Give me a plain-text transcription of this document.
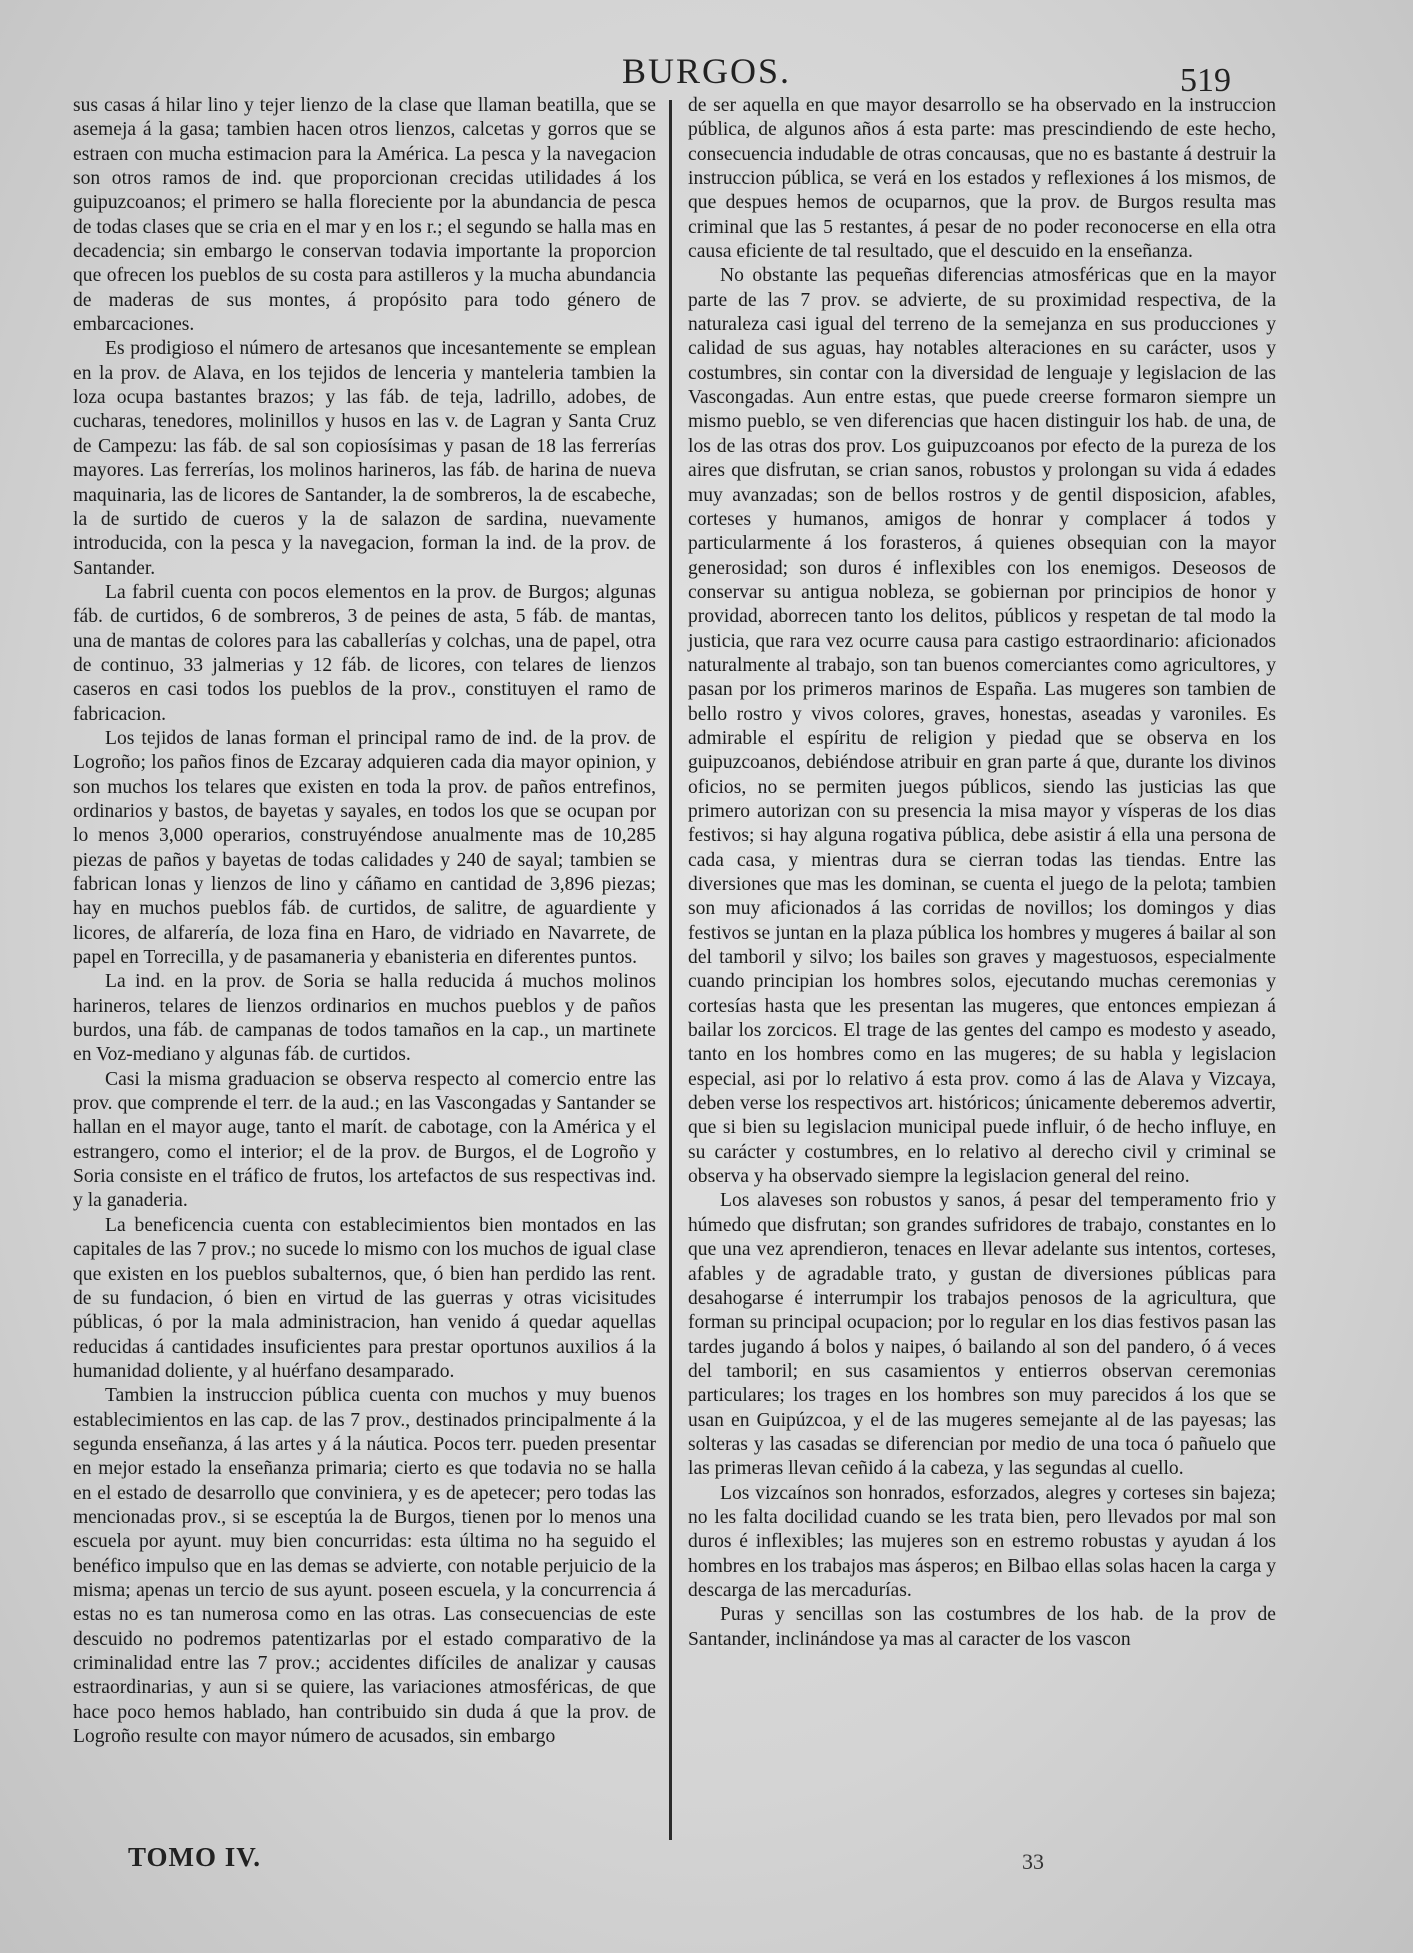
BURGOS.	519

sus casas á hilar lino y tejer lienzo de la clase que llaman beatilla, que se asemeja á la gasa; tambien hacen otros lienzos, calcetas y gorros que se estraen con mucha estimacion para la América. La pesca y la navegacion son otros ramos de ind. que proporcionan crecidas utilidades á los guipuzcoanos; el primero se halla floreciente por la abundancia de pesca de todas clases que se cria en el mar y en los r.; el segundo se halla mas en decadencia; sin embargo le conservan todavia importante la proporcion que ofrecen los pueblos de su costa para astilleros y la mucha abundancia de maderas de sus montes, á propósito para todo género de embarcaciones.

Es prodigioso el número de artesanos que incesantemente se emplean en la prov. de Alava, en los tejidos de lenceria y manteleria tambien la loza ocupa bastantes brazos; y las fáb. de teja, ladrillo, adobes, de cucharas, tenedores, molinillos y husos en las v. de Lagran y Santa Cruz de Campezu: las fáb. de sal son copiosísimas y pasan de 18 las ferrerías mayores. Las ferrerías, los molinos harineros, las fáb. de harina de nueva maquinaria, las de licores de Santander, la de sombreros, la de escabeche, la de surtido de cueros y la de salazon de sardina, nuevamente introducida, con la pesca y la navegacion, forman la ind. de la prov. de Santander.

La fabril cuenta con pocos elementos en la prov. de Burgos; algunas fáb. de curtidos, 6 de sombreros, 3 de peines de asta, 5 fáb. de mantas, una de mantas de colores para las caballerías y colchas, una de papel, otra de continuo, 33 jalmerias y 12 fáb. de licores, con telares de lienzos caseros en casi todos los pueblos de la prov., constituyen el ramo de fabricacion.

Los tejidos de lanas forman el principal ramo de ind. de la prov. de Logroño; los paños finos de Ezcaray adquieren cada dia mayor opinion, y son muchos los telares que existen en toda la prov. de paños entrefinos, ordinarios y bastos, de bayetas y sayales, en todos los que se ocupan por lo menos 3,000 operarios, construyéndose anualmente mas de 10,285 piezas de paños y bayetas de todas calidades y 240 de sayal; tambien se fabrican lonas y lienzos de lino y cáñamo en cantidad de 3,896 piezas; hay en muchos pueblos fáb. de curtidos, de salitre, de aguardiente y licores, de alfarería, de loza fina en Haro, de vidriado en Navarrete, de papel en Torrecilla, y de pasamaneria y ebanisteria en diferentes puntos.

La ind. en la prov. de Soria se halla reducida á muchos molinos harineros, telares de lienzos ordinarios en muchos pueblos y de paños burdos, una fáb. de campanas de todos tamaños en la cap., un martinete en Voz-mediano y algunas fáb. de curtidos.

Casi la misma graduacion se observa respecto al comercio entre las prov. que comprende el terr. de la aud.; en las Vascongadas y Santander se hallan en el mayor auge, tanto el marít. de cabotage, con la América y el estrangero, como el interior; el de la prov. de Burgos, el de Logroño y Soria consiste en el tráfico de frutos, los artefactos de sus respectivas ind. y la ganaderia.

La beneficencia cuenta con establecimientos bien montados en las capitales de las 7 prov.; no sucede lo mismo con los muchos de igual clase que existen en los pueblos subalternos, que, ó bien han perdido las rent. de su fundacion, ó bien en virtud de las guerras y otras vicisitudes públicas, ó por la mala administracion, han venido á quedar aquellas reducidas á cantidades insuficientes para prestar oportunos auxilios á la humanidad doliente, y al huérfano desamparado.

Tambien la instruccion pública cuenta con muchos y muy buenos establecimientos en las cap. de las 7 prov., destinados principalmente á la segunda enseñanza, á las artes y á la náutica. Pocos terr. pueden presentar en mejor estado la enseñanza primaria; cierto es que todavia no se halla en el estado de desarrollo que conviniera, y es de apetecer; pero todas las mencionadas prov., si se esceptúa la de Burgos, tienen por lo menos una escuela por ayunt. muy bien concurridas: esta última no ha seguido el benéfico impulso que en las demas se advierte, con notable perjuicio de la misma; apenas un tercio de sus ayunt. poseen escuela, y la concurrencia á estas no es tan numerosa como en las otras. Las consecuencias de este descuido no podremos patentizarlas por el estado comparativo de la criminalidad entre las 7 prov.; accidentes difíciles de analizar y causas estraordinarias, y aun si se quiere, las variaciones atmosféricas, de que hace poco hemos hablado, han contribuido sin duda á que la prov. de Logroño resulte con mayor número de acusados, sin embargo

de ser aquella en que mayor desarrollo se ha observado en la instruccion pública, de algunos años á esta parte: mas prescindiendo de este hecho, consecuencia indudable de otras concausas, que no es bastante á destruir la instruccion pública, se verá en los estados y reflexiones á los mismos, de que despues hemos de ocuparnos, que la prov. de Burgos resulta mas criminal que las 5 restantes, á pesar de no poder reconocerse en ella otra causa eficiente de tal resultado, que el descuido en la enseñanza.

No obstante las pequeñas diferencias atmosféricas que en la mayor parte de las 7 prov. se advierte, de su proximidad respectiva, de la naturaleza casi igual del terreno de la semejanza en sus producciones y calidad de sus aguas, hay notables alteraciones en su carácter, usos y costumbres, sin contar con la diversidad de lenguaje y legislacion de las Vascongadas. Aun entre estas, que puede creerse formaron siempre un mismo pueblo, se ven diferencias que hacen distinguir los hab. de una, de los de las otras dos prov. Los guipuzcoanos por efecto de la pureza de los aires que disfrutan, se crian sanos, robustos y prolongan su vida á edades muy avanzadas; son de bellos rostros y de gentil disposicion, afables, corteses y humanos, amigos de honrar y complacer á todos y particularmente á los forasteros, á quienes obsequian con la mayor generosidad; son duros é inflexibles con los enemigos. Deseosos de conservar su antigua nobleza, se gobiernan por principios de honor y providad, aborrecen tanto los delitos, públicos y respetan de tal modo la justicia, que rara vez ocurre causa para castigo estraordinario: aficionados naturalmente al trabajo, son tan buenos comerciantes como agricultores, y pasan por los primeros marinos de España. Las mugeres son tambien de bello rostro y vivos colores, graves, honestas, aseadas y varoniles. Es admirable el espíritu de religion y piedad que se observa en los guipuzcoanos, debiéndose atribuir en gran parte á que, durante los divinos oficios, no se permiten juegos públicos, siendo las justicias las que primero autorizan con su presencia la misa mayor y vísperas de los dias festivos; si hay alguna rogativa pública, debe asistir á ella una persona de cada casa, y mientras dura se cierran todas las tiendas. Entre las diversiones que mas les dominan, se cuenta el juego de la pelota; tambien son muy aficionados á las corridas de novillos; los domingos y dias festivos se juntan en la plaza pública los hombres y mugeres á bailar al son del tamboril y silvo; los bailes son graves y magestuosos, especialmente cuando principian los hombres solos, ejecutando muchas ceremonias y cortesías hasta que les presentan las mugeres, que entonces empiezan á bailar los zorcicos. El trage de las gentes del campo es modesto y aseado, tanto en los hombres como en las mugeres; de su habla y legislacion especial, asi por lo relativo á esta prov. como á las de Alava y Vizcaya, deben verse los respectivos art. históricos; únicamente deberemos advertir, que si bien su legislacion municipal puede influir, ó de hecho influye, en su carácter y costumbres, en lo relativo al derecho civil y criminal se observa y ha observado siempre la legislacion general del reino.

Los alaveses son robustos y sanos, á pesar del temperamento frio y húmedo que disfrutan; son grandes sufridores de trabajo, constantes en lo que una vez aprendieron, tenaces en llevar adelante sus intentos, corteses, afables y de agradable trato, y gustan de diversiones públicas para desahogarse é interrumpir los trabajos penosos de la agricultura, que forman su principal ocupacion; por lo regular en los dias festivos pasan las tardes jugando á bolos y naipes, ó bailando al son del pandero, ó á veces del tamboril; en sus casamientos y entierros observan ceremonias particulares; los trages en los hombres son muy parecidos á los que se usan en Guipúzcoa, y el de las mugeres semejante al de las payesas; las solteras y las casadas se diferencian por medio de una toca ó pañuelo que las primeras llevan ceñido á la cabeza, y las segundas al cuello.

Los vizcaínos son honrados, esforzados, alegres y corteses sin bajeza; no les falta docilidad cuando se les trata bien, pero llevados por mal son duros é inflexibles; las mujeres son en estremo robustas y ayudan á los hombres en los trabajos mas ásperos; en Bilbao ellas solas hacen la carga y descarga de las mercadurías.

Puras y sencillas son las costumbres de los hab. de la prov de Santander, inclinándose ya mas al caracter de los vascon

TOMO IV.	33
